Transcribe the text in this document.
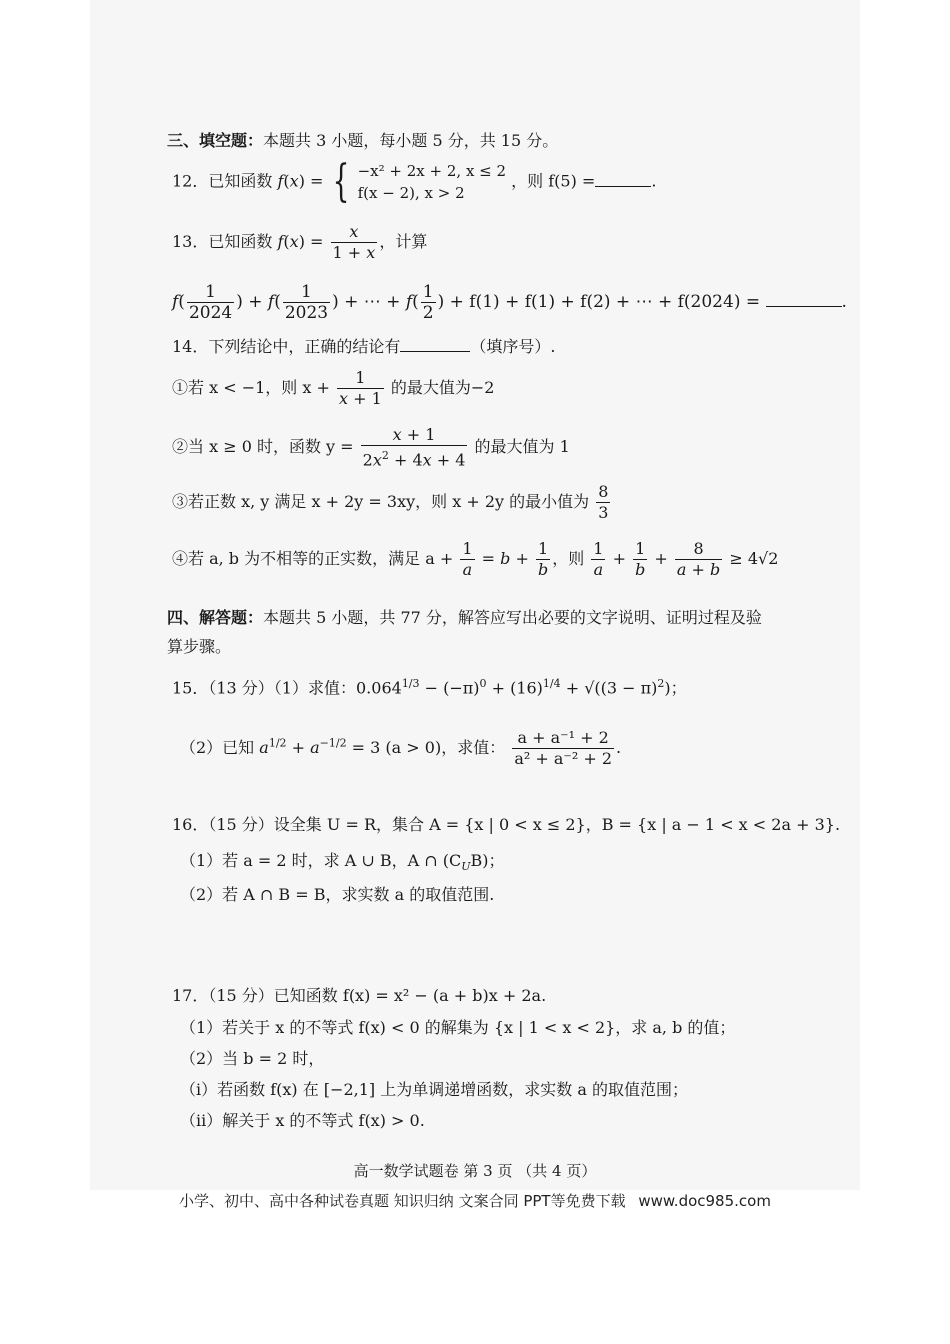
三、填空题：本题共 3 小题，每小题 5 分，共 15 分。
12．已知函数 f(x) = { −x² + 2x + 2, x ≤ 2
f(x − 2), x > 2
，则 f(5) =	.
13．已知函数 $f(x) = \frac{x}{1 + x}$ ，计算
$f( \frac{1}{2024}$ ) + $f( \frac{1}{2023}$ ) + ⋯ + $f( \frac{1}{2}$ ) + f(1) + f(1) + f(2) + ⋯ + f(2024) =	.
14．下列结论中，正确的结论有	（填序号）.
①若 x < −1，则 $x + \frac{1}{x + 1}$ 的最大值为−2
②当 x ≥ 0 时，函数 $y = \frac{x + 1}{2x^2 + 4x + 4}$ 的最大值为 1
③若正数 x, y 满足 x + 2y = 3xy，则 x + 2y 的最小值为 $\frac{8}{3}$
④若 a, b 为不相等的正实数，满足 $a + \frac{1}{a} = b + \frac{1}{b}$ ，则 $\frac{1}{a} + \frac{1}{b} + \frac{8}{a + b} \ge 4√2$
四、解答题：本题共 5 小题，共 77 分，解答应写出必要的文字说明、证明过程及验
算步骤。
15．（13 分）（1）求值：$0.064^{1/3} - (-\pi)^0 + (16)^{1/4} + √((3 - \pi)^2)$；
（2）已知 $a^{1/2} + a^{-1/2} = 3$ (a > 0)，求值： $\frac{\text{a + a⁻¹ + 2}}{\text{a² + a⁻² + 2}}$ .
16．（15 分）设全集 U = R，集合 A = {x | 0 < x ≤ 2}，B = {x | a − 1 < x < 2a + 3}.
（1）若 a = 2 时，求 A ∪ B，A ∩ $(C_UB)$；
（2）若 A ∩ B = B，求实数 a 的取值范围.
17．（15 分）已知函数 f(x) = x² − (a + b)x + 2a.
（1）若关于 x 的不等式 f(x) < 0 的解集为 {x | 1 < x < 2}，求 a, b 的值；
（2）当 b = 2 时，
（i）若函数 f(x) 在 [−2,1] 上为单调递增函数，求实数 a 的取值范围；
（ii）解关于 x 的不等式 f(x) > 0.
高一数学试题卷 第 3 页 （共 4 页）
小学、初中、高中各种试卷真题 知识归纳 文案合同 PPT等免费下载 www.doc985.com
